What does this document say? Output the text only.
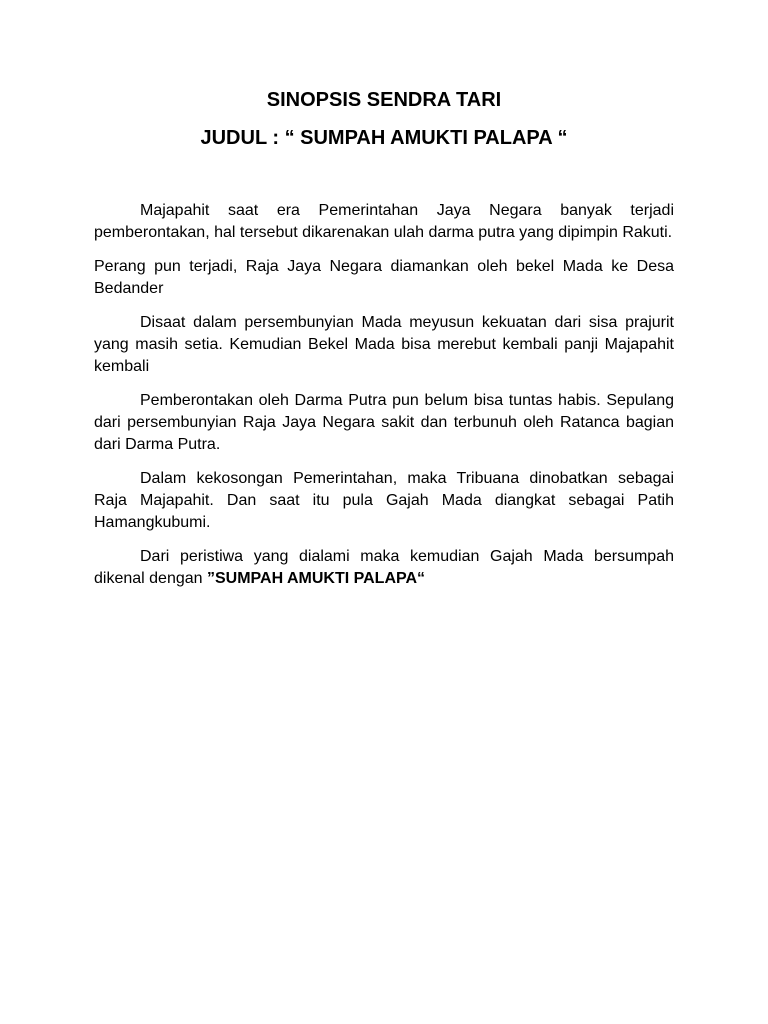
SINOPSIS SENDRA TARI
JUDUL : “ SUMPAH AMUKTI PALAPA “

Majapahit saat era Pemerintahan Jaya Negara banyak terjadi pemberontakan, hal tersebut dikarenakan ulah darma putra yang dipimpin Rakuti.

Perang pun terjadi, Raja Jaya Negara diamankan oleh bekel Mada ke Desa Bedander

Disaat dalam persembunyian Mada meyusun kekuatan dari sisa prajurit yang masih setia. Kemudian Bekel Mada bisa merebut kembali panji Majapahit kembali

Pemberontakan oleh Darma Putra pun belum bisa tuntas habis. Sepulang dari persembunyian Raja Jaya Negara sakit dan terbunuh oleh Ratanca bagian dari Darma Putra.

Dalam kekosongan Pemerintahan, maka Tribuana dinobatkan sebagai Raja Majapahit. Dan saat itu pula Gajah Mada diangkat sebagai Patih Hamangkubumi.

Dari peristiwa yang dialami maka kemudian Gajah Mada bersumpah dikenal dengan ”SUMPAH AMUKTI PALAPA“
